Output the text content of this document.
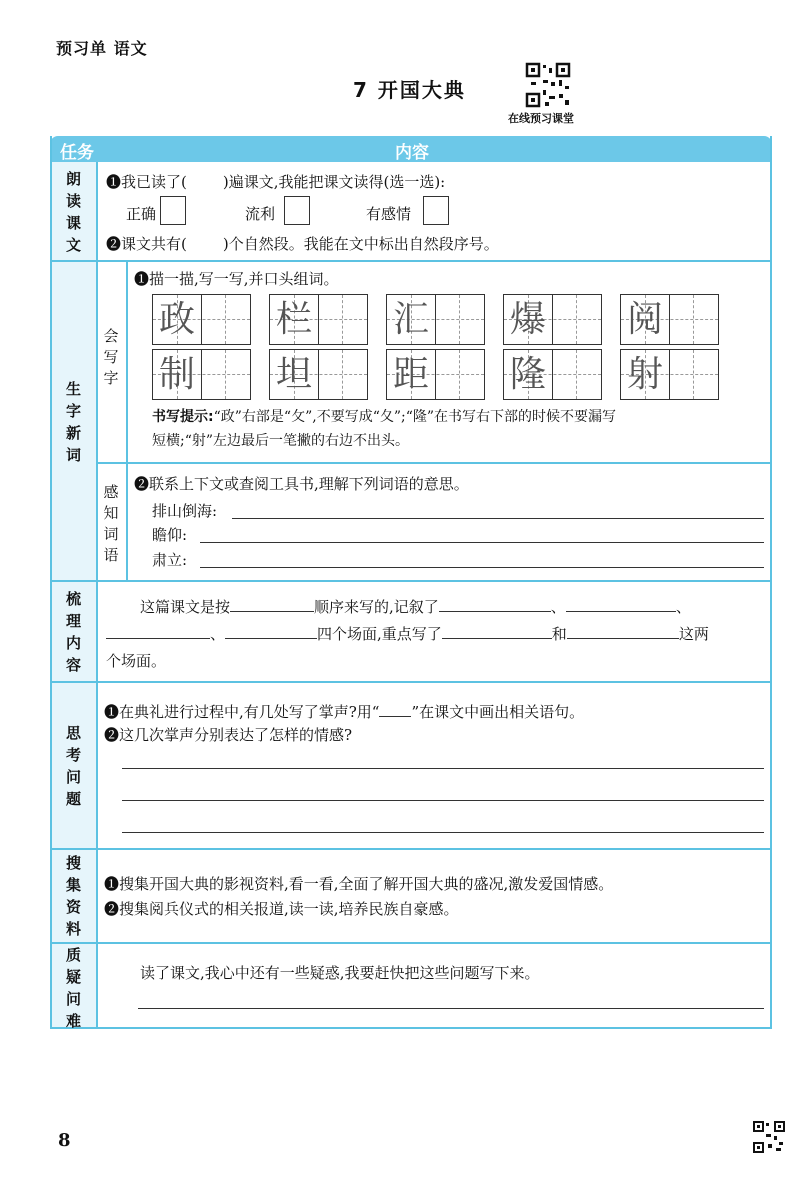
预习单 语文
7 开国大典
在线预习课堂
任务	内容
朗读课文
❶我已读了( )遍课文,我能把课文读得(选一选):
正确	流利	有感情
❷课文共有( )个自然段。我能在文中标出自然段序号。
生字新词
会写字
❶描一描,写一写,并口头组词。
政 栏 汇 爆 阅
制 坦 距 隆 射
书写提示:“政”右部是“攵”,不要写成“夂”;“隆”在书写右下部的时候不要漏写
短横;“射”左边最后一笔撇的右边不出头。
感知词语
❷联系上下文或查阅工具书,理解下列词语的意思。
排山倒海:
瞻仰:
肃立:
梳理内容
这篇课文是按	顺序来写的,记叙了	、	、
、	四个场面,重点写了	和	这两
个场面。
思考问题
❶在典礼进行过程中,有几处写了掌声?用“ ”在课文中画出相关语句。
❷这几次掌声分别表达了怎样的情感?
搜集资料
❶搜集开国大典的影视资料,看一看,全面了解开国大典的盛况,激发爱国情感。
❷搜集阅兵仪式的相关报道,读一读,培养民族自豪感。
质疑问难
读了课文,我心中还有一些疑惑,我要赶快把这些问题写下来。
8
